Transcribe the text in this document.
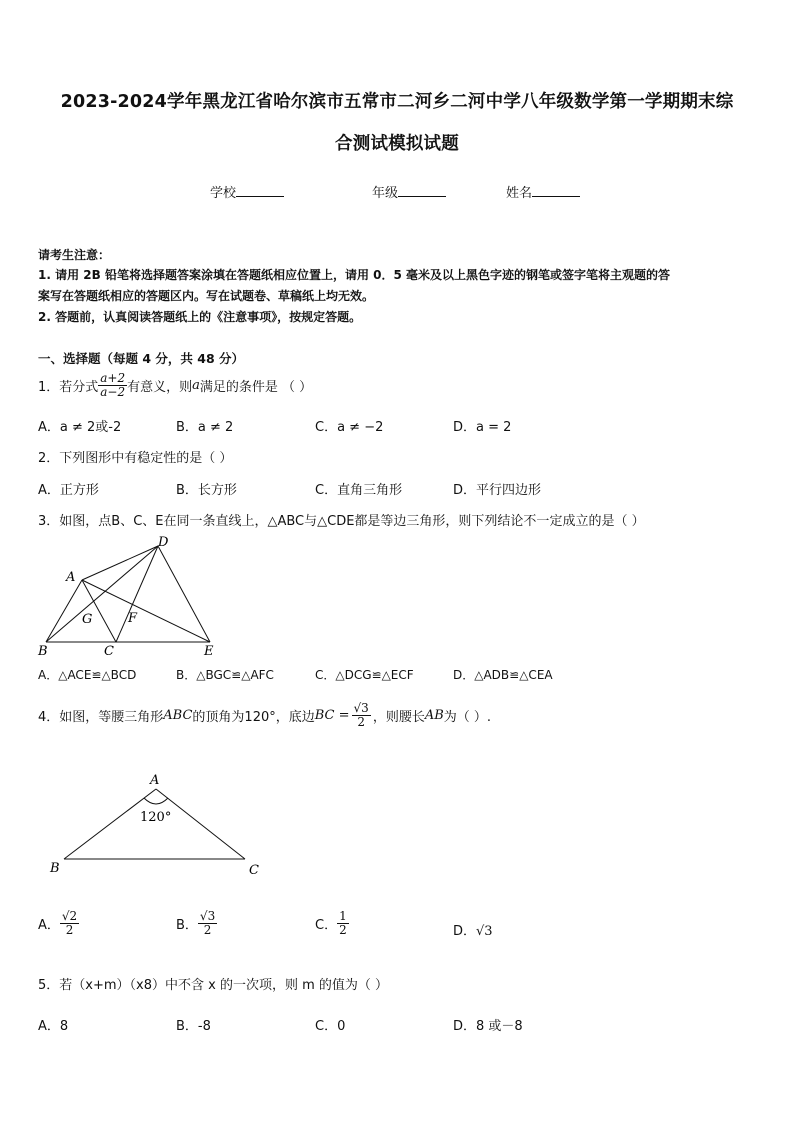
2023-2024学年黑龙江省哈尔滨市五常市二河乡二河中学八年级数学第一学期期末综
合测试模拟试题
学校	年级	姓名
请考生注意：
1. 请用 2B 铅笔将选择题答案涂填在答题纸相应位置上，请用 0．5 毫米及以上黑色字迹的钢笔或签字笔将主观题的答
案写在答题纸相应的答题区内。写在试题卷、草稿纸上均无效。
2. 答题前，认真阅读答题纸上的《注意事项》，按规定答题。
一、选择题（每题 4 分，共 48 分）
1．若分式 $\frac{a+2}{a-2}$ 有意义，则 a 满足的条件是 （ ）
A．a ≠ 2或-2	B．a ≠ 2	C．a ≠ −2	D．a = 2
2．下列图形中有稳定性的是（ ）
A．正方形	B．长方形	C．直角三角形	D．平行四边形
3．如图，点B、C、E在同一条直线上，△ABC与△CDE都是等边三角形，则下列结论不一定成立的是（ ）
A
D
B	C	E
G	F
A．△ACE≌△BCD	B．△BGC≌△AFC	C．△DCG≌△ECF	D．△ADB≌△CEA
4．如图，等腰三角形 ABC 的顶角为120°，底边 BC = $\frac{√3}{2}$ ，则腰长 AB 为（ ）.
A
B	C
120°
A． $\frac{√2}{2}$	B． $\frac{√3}{2}$	C． $\frac{1}{2}$	D．√3
5．若（x+m）（x8）中不含 x 的一次项，则 m 的值为（ ）
A．8	B．-8	C．0	D．8 或－8
